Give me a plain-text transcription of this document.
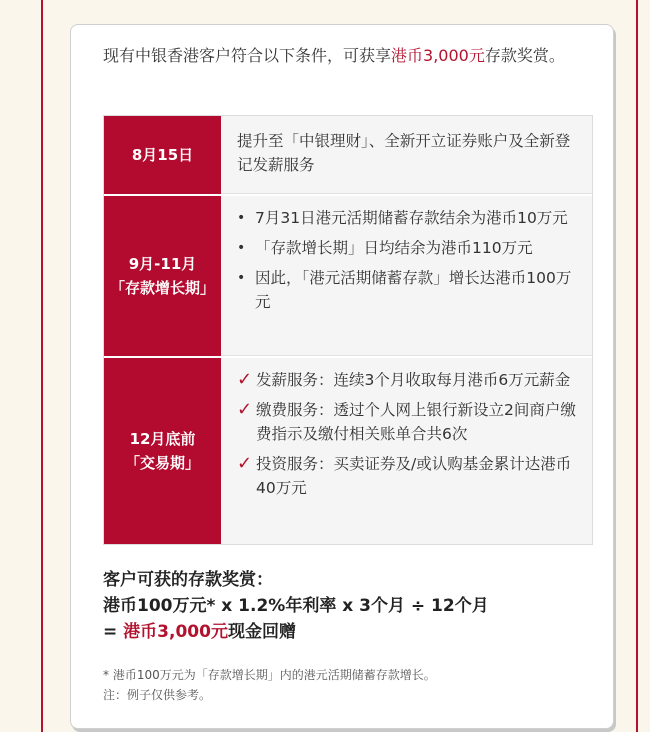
现有中银香港客户符合以下条件，可获享港币3,000元存款奖赏。
8月15日
提升至「中银理财」、全新开立证券账户及全新登记发薪服务
9月-11月
「存款增长期」
• 7月31日港元活期储蓄存款结余为港币10万元
• 「存款增长期」日均结余为港币110万元
• 因此，「港元活期储蓄存款」增长达港币100万元
12月底前
「交易期」
✓ 发薪服务：连续3个月收取每月港币6万元薪金
✓ 缴费服务：透过个人网上银行新设立2间商户缴费指示及缴付相关账单合共6次
✓ 投资服务：买卖证券及/或认购基金累计达港币40万元
客户可获的存款奖赏：
港币100万元* x 1.2%年利率 x 3个月 ÷ 12个月
= 港币3,000元现金回赠
* 港币100万元为「存款增长期」内的港元活期储蓄存款增长。
注：例子仅供参考。
